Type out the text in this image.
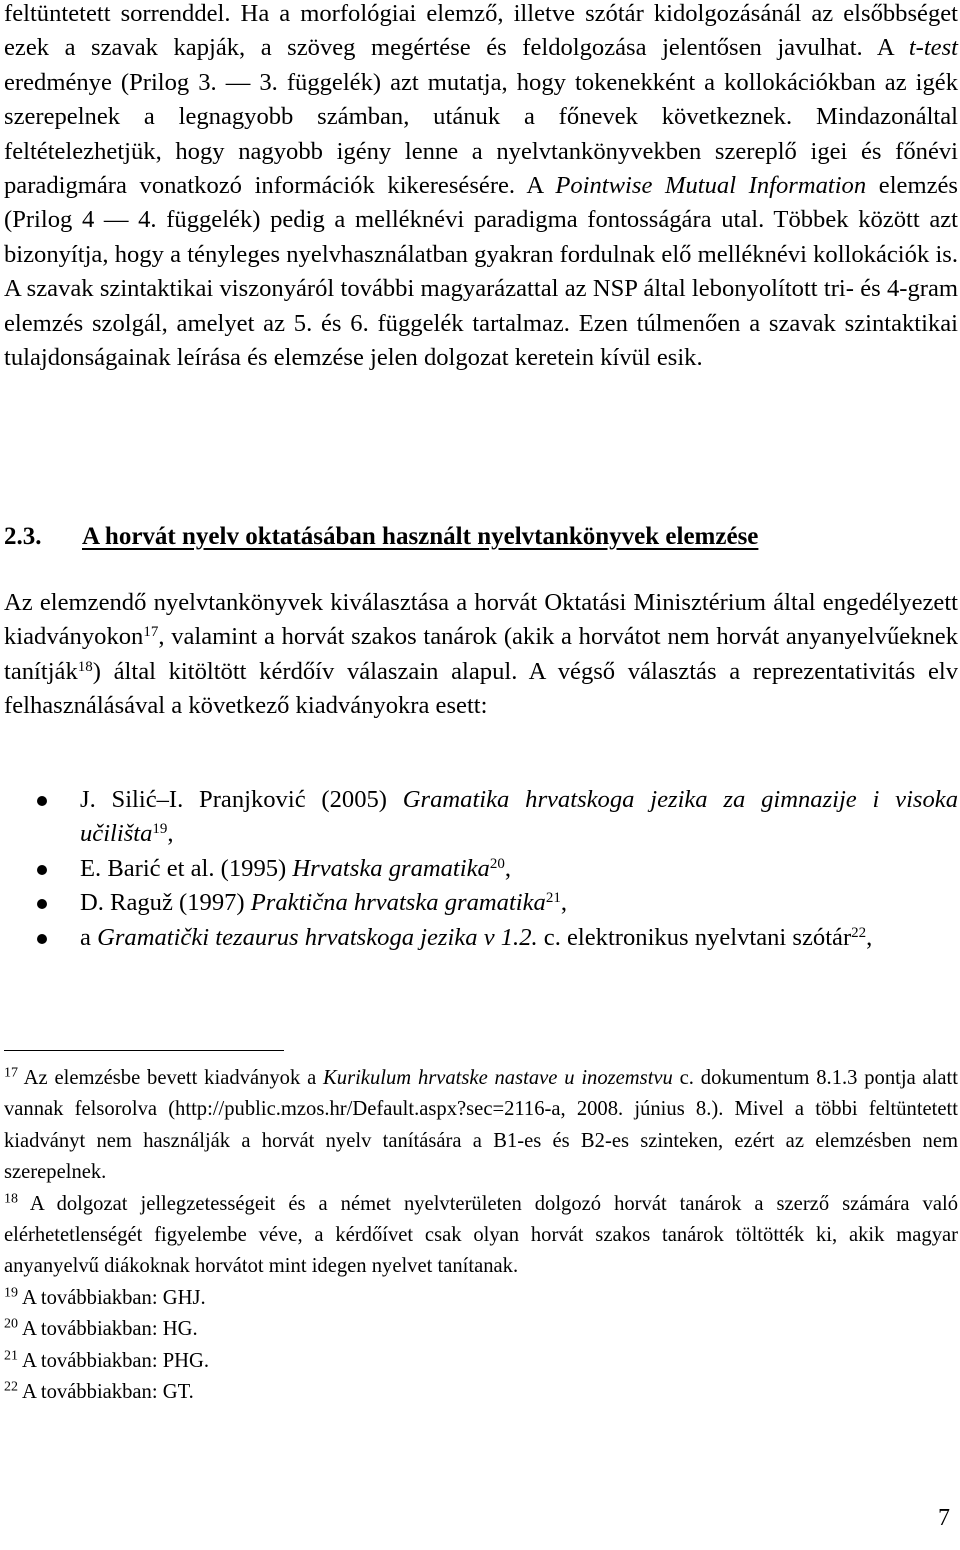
feltüntetett sorrenddel. Ha a morfológiai elemző, illetve szótár kidolgozásánál az elsőbbséget ezek a szavak kapják, a szöveg megértése és feldolgozása jelentősen javulhat. A t-test eredménye (Prilog 3. — 3. függelék) azt mutatja, hogy tokenekként a kollokációkban az igék szerepelnek a legnagyobb számban, utánuk a főnevek következnek. Mindazonáltal feltételezhetjük, hogy nagyobb igény lenne a nyelvtankönyvekben szereplő igei és főnévi paradigmára vonatkozó információk kikeresésére. A Pointwise Mutual Information elemzés (Prilog 4 — 4. függelék) pedig a melléknévi paradigma fontosságára utal. Többek között azt bizonyítja, hogy a tényleges nyelvhasználatban gyakran fordulnak elő melléknévi kollokációk is. A szavak szintaktikai viszonyáról további magyarázattal az NSP által lebonyolított tri- és 4-gram elemzés szolgál, amelyet az 5. és 6. függelék tartalmaz. Ezen túlmenően a szavak szintaktikai tulajdonságainak leírása és elemzése jelen dolgozat keretein kívül esik.

2.3. A horvát nyelv oktatásában használt nyelvtankönyvek elemzése

Az elemzendő nyelvtankönyvek kiválasztása a horvát Oktatási Minisztérium által engedélyezett kiadványokon$^{17}$, valamint a horvát szakos tanárok (akik a horvátot nem horvát anyanyelvűeknek tanítják$^{18}$) által kitöltött kérdőív válaszain alapul. A végső választás a reprezentativitás elv felhasználásával a következő kiadványokra esett:

J. Silić–I. Pranjković (2005) Gramatika hrvatskoga jezika za gimnazije i visoka učilišta$^{19}$,
E. Barić et al. (1995) Hrvatska gramatika$^{20}$,
D. Raguž (1997) Praktična hrvatska gramatika$^{21}$,
a Gramatički tezaurus hrvatskoga jezika v 1.2. c. elektronikus nyelvtani szótár$^{22}$,

$^{17}$ Az elemzésbe bevett kiadványok a Kurikulum hrvatske nastave u inozemstvu c. dokumentum 8.1.3 pontja alatt vannak felsorolva (http://public.mzos.hr/Default.aspx?sec=2116-a, 2008. június 8.). Mivel a többi feltüntetett kiadványt nem használják a horvát nyelv tanítására a B1-es és B2-es szinteken, ezért az elemzésben nem szerepelnek.

$^{18}$ A dolgozat jellegzetességeit és a német nyelvterületen dolgozó horvát tanárok a szerző számára való elérhetetlenségét figyelembe véve, a kérdőívet csak olyan horvát szakos tanárok töltötték ki, akik magyar anyanyelvű diákoknak horvátot mint idegen nyelvet tanítanak.

$^{19}$ A továbbiakban: GHJ.

$^{20}$ A továbbiakban: HG.

$^{21}$ A továbbiakban: PHG.

$^{22}$ A továbbiakban: GT.

7
